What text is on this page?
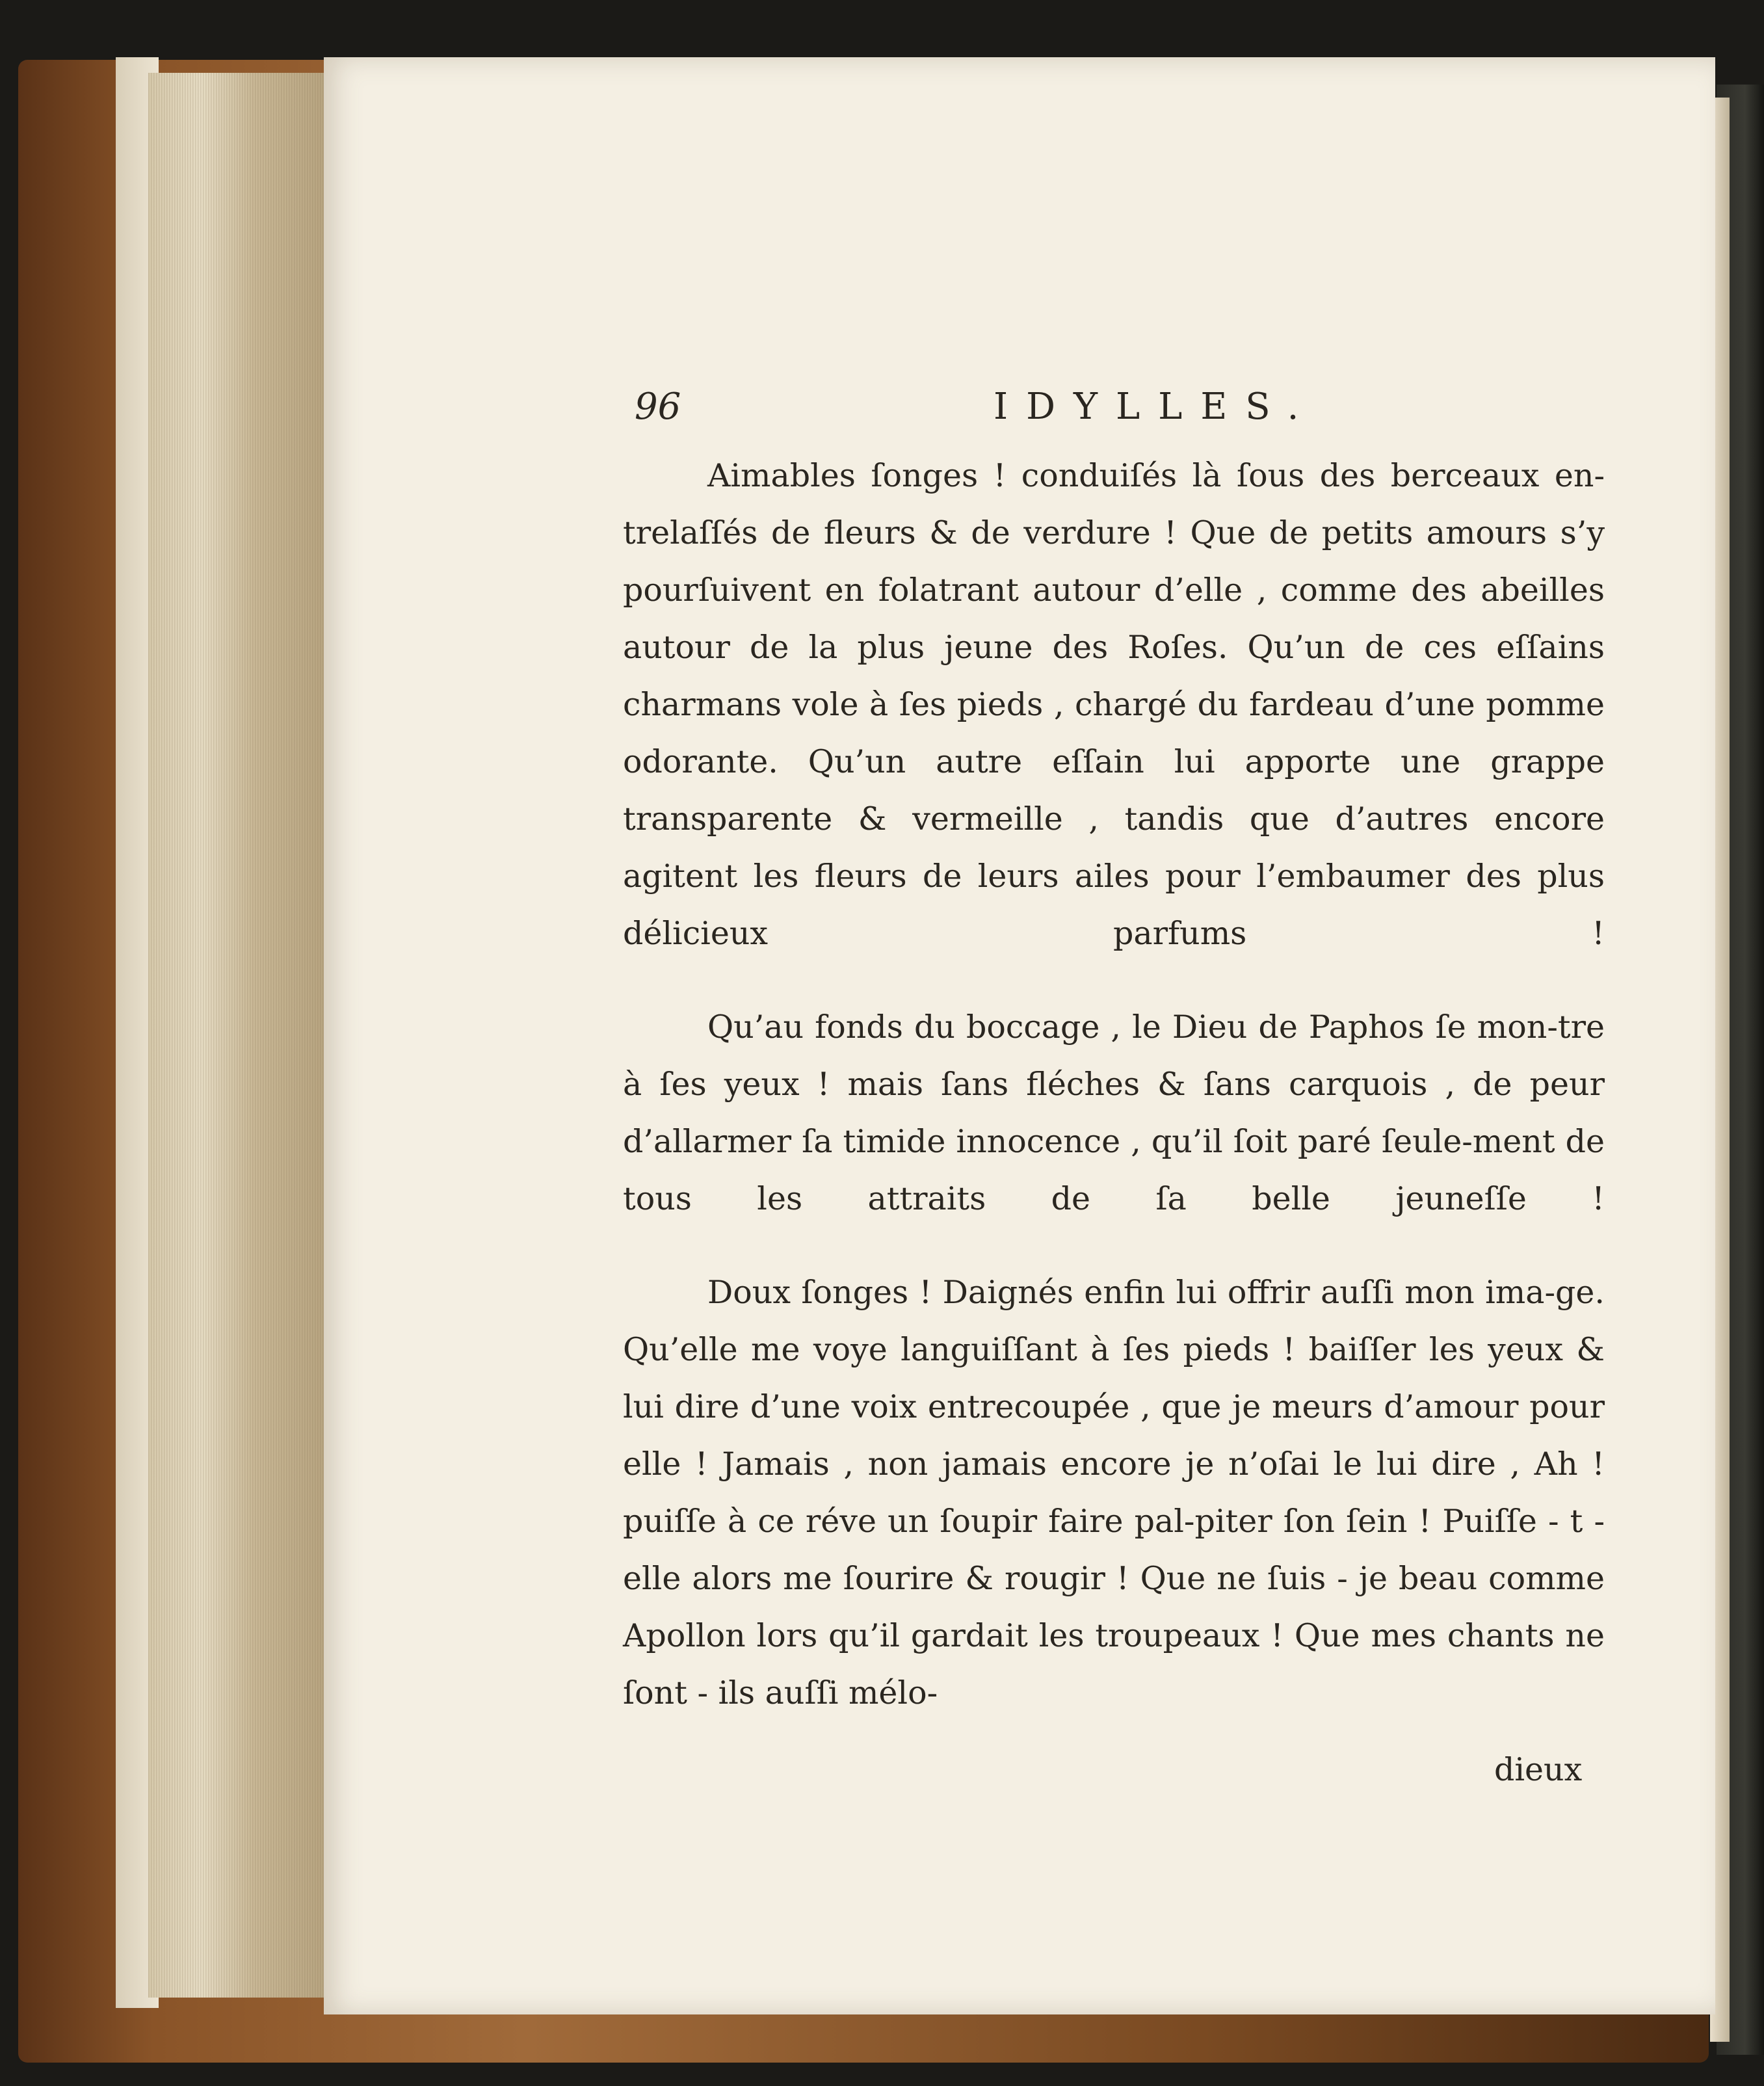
96	IDYLLES.

Aimables ſonges ! conduiſés là ſous des berceaux en-trelaſſés de fleurs & de verdure ! Que de petits amours s’y pourſuivent en folatrant autour d’elle , comme des abeilles autour de la plus jeune des Roſes. Qu’un de ces eſſains charmans vole à ſes pieds , chargé du fardeau d’une pomme odorante. Qu’un autre eſſain lui apporte une grappe transparente & vermeille , tandis que d’autres encore agitent les fleurs de leurs ailes pour l’embaumer des plus délicieux parfums !

Qu’au fonds du boccage , le Dieu de Paphos ſe mon-tre à ſes yeux ! mais ſans fléches & ſans carquois , de peur d’allarmer ſa timide innocence , qu’il ſoit paré ſeule-ment de tous les attraits de ſa belle jeuneſſe !

Doux ſonges ! Daignés enfin lui offrir auſſi mon ima-ge. Qu’elle me voye languiſſant à ſes pieds ! baiſſer les yeux & lui dire d’une voix entrecoupée , que je meurs d’amour pour elle ! Jamais , non jamais encore je n’oſai le lui dire , Ah ! puiſſe à ce réve un ſoupir faire pal-piter ſon ſein ! Puiſſe - t - elle alors me ſourire & rougir ! Que ne ſuis - je beau comme Apollon lors qu’il gardait les troupeaux ! Que mes chants ne ſont - ils auſſi mélo-

dieux
